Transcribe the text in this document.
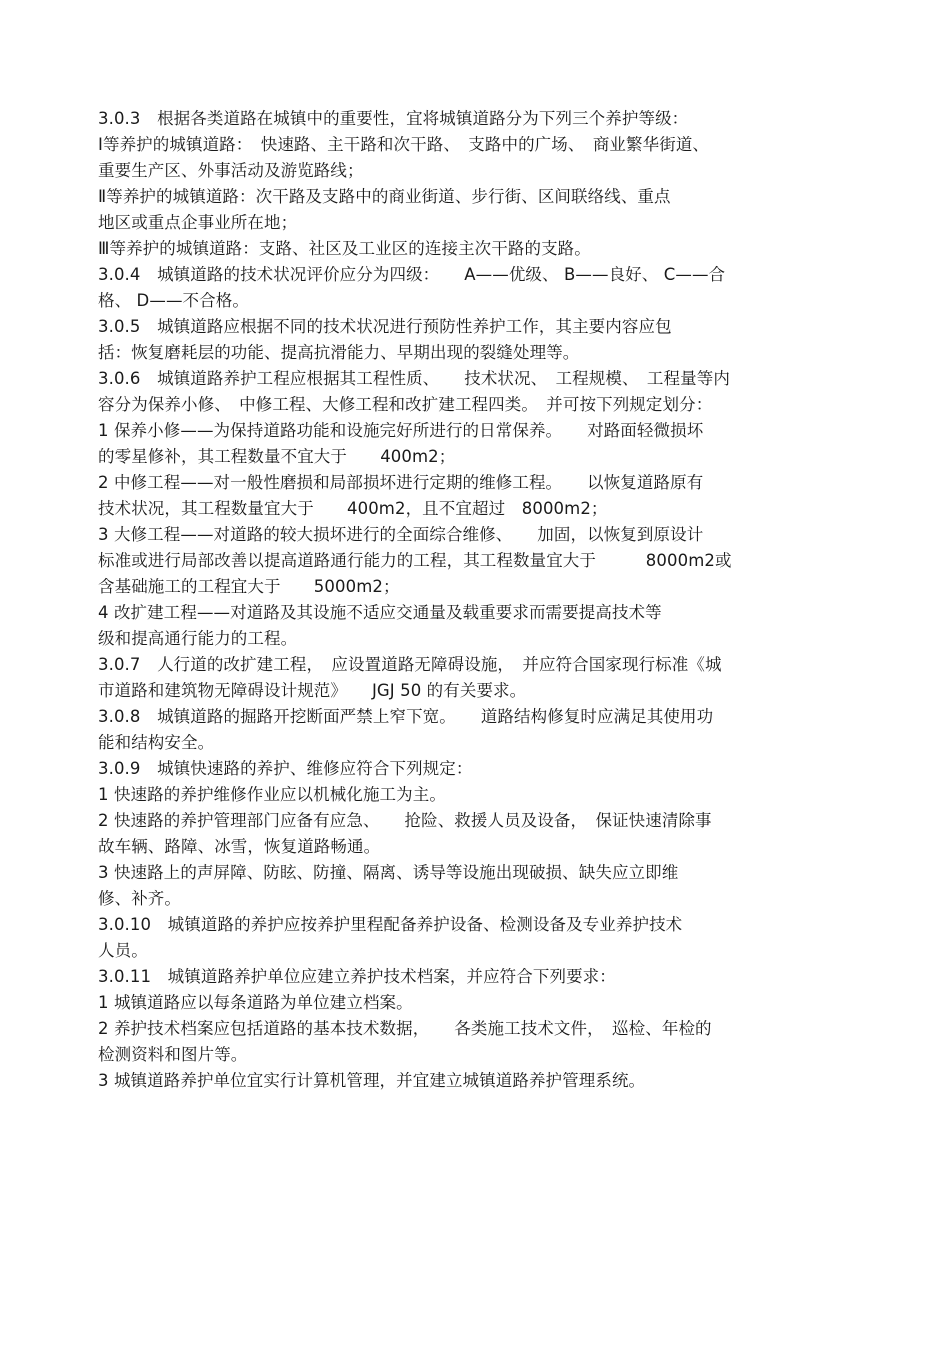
3.0.3　根据各类道路在城镇中的重要性，宜将城镇道路分为下列三个养护等级：
Ⅰ等养护的城镇道路：　快速路、主干路和次干路、　支路中的广场、　商业繁华街道、
重要生产区、外事活动及游览路线；
Ⅱ等养护的城镇道路：次干路及支路中的商业街道、步行街、区间联络线、重点
地区或重点企事业所在地；
Ⅲ等养护的城镇道路：支路、社区及工业区的连接主次干路的支路。
3.0.4　城镇道路的技术状况评价应分为四级：　　A——优级、 B——良好、 C——合
格、 D——不合格。
3.0.5　城镇道路应根据不同的技术状况进行预防性养护工作，其主要内容应包
括：恢复磨耗层的功能、提高抗滑能力、早期出现的裂缝处理等。
3.0.6　城镇道路养护工程应根据其工程性质、　　技术状况、　工程规模、　工程量等内
容分为保养小修、　中修工程、大修工程和改扩建工程四类。　并可按下列规定划分：
1 保养小修——为保持道路功能和设施完好所进行的日常保养。　　对路面轻微损坏
的零星修补，其工程数量不宜大于　　400m2；
2 中修工程——对一般性磨损和局部损坏进行定期的维修工程。　　以恢复道路原有
技术状况，其工程数量宜大于　　400m2，且不宜超过　8000m2；
3 大修工程——对道路的较大损坏进行的全面综合维修、　　加固，以恢复到原设计
标准或进行局部改善以提高道路通行能力的工程，其工程数量宜大于　　　8000m2或
含基础施工的工程宜大于　　5000m2；
4 改扩建工程——对道路及其设施不适应交通量及载重要求而需要提高技术等
级和提高通行能力的工程。
3.0.7　人行道的改扩建工程，　应设置道路无障碍设施，　并应符合国家现行标准《城
市道路和建筑物无障碍设计规范》　　JGJ 50 的有关要求。
3.0.8　城镇道路的掘路开挖断面严禁上窄下宽。　　道路结构修复时应满足其使用功
能和结构安全。
3.0.9　城镇快速路的养护、维修应符合下列规定：
1 快速路的养护维修作业应以机械化施工为主。
2 快速路的养护管理部门应备有应急、　　抢险、救援人员及设备，　保证快速清除事
故车辆、路障、冰雪，恢复道路畅通。
3 快速路上的声屏障、防眩、防撞、隔离、诱导等设施出现破损、缺失应立即维
修、补齐。
3.0.10　城镇道路的养护应按养护里程配备养护设备、检测设备及专业养护技术
人员。
3.0.11　城镇道路养护单位应建立养护技术档案，并应符合下列要求：
1 城镇道路应以每条道路为单位建立档案。
2 养护技术档案应包括道路的基本技术数据，　　各类施工技术文件，　巡检、年检的
检测资料和图片等。
3 城镇道路养护单位宜实行计算机管理，并宜建立城镇道路养护管理系统。
